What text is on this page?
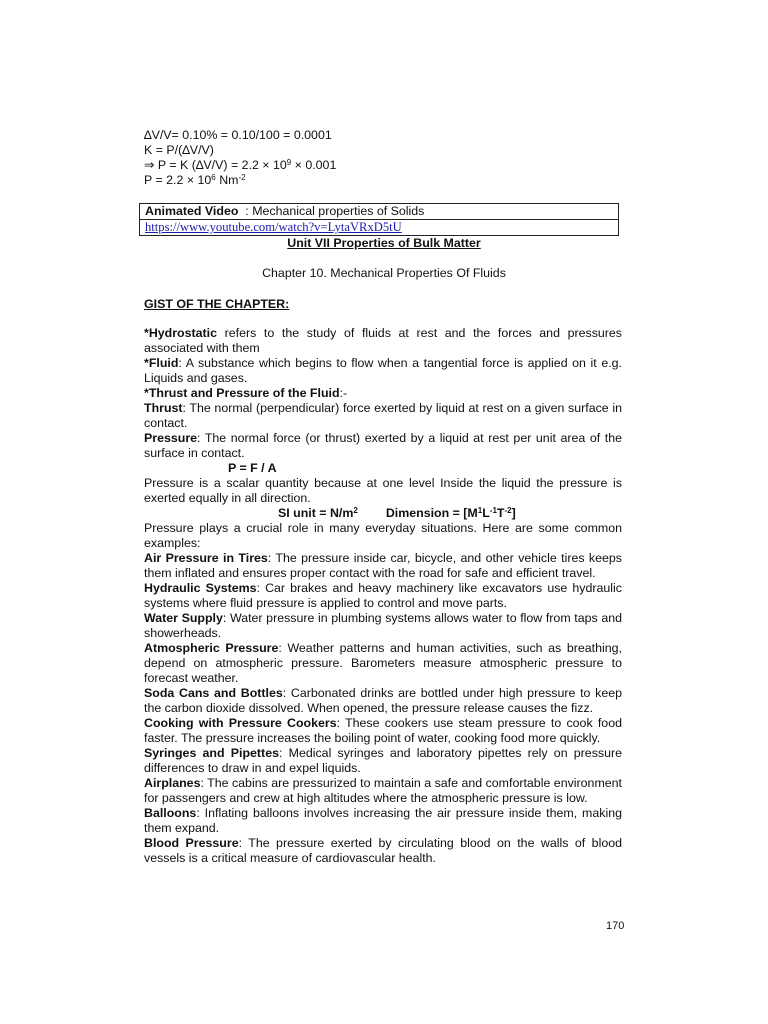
∆V/V= 0.10% = 0.10/100 = 0.0001
K = P/(∆V/V)
⇒ P = K $(\Delta V/V) = 2.2 \times 10^9 \times 0.001$
$P = 2.2 \times 10^6$ $Nm^{-2}$
Animated Video  : Mechanical properties of Solids
https://www.youtube.com/watch?v=LytaVRxD5tU
Unit VII Properties of Bulk Matter
Chapter 10. Mechanical Properties Of Fluids
GIST OF THE CHAPTER:

*Hydrostatic refers to the study of fluids at rest and the forces and pressures associated with them

*Fluid: A substance which begins to flow when a tangential force is applied on it e.g. Liquids and gases.

*Thrust and Pressure of the Fluid:-

Thrust: The normal (perpendicular) force exerted by liquid at rest on a given surface in contact.

Pressure: The normal force (or thrust) exerted by a liquid at rest per unit area of the surface in contact.

P = F / A

Pressure is a scalar quantity because at one level Inside the liquid the pressure is exerted equally in all direction.

SI unit = $N/m^2$ Dimension = $[M^1L^{-1}T^{-2}]$

Pressure plays a crucial role in many everyday situations. Here are some common examples:

Air Pressure in Tires: The pressure inside car, bicycle, and other vehicle tires keeps them inflated and ensures proper contact with the road for safe and efficient travel.

Hydraulic Systems: Car brakes and heavy machinery like excavators use hydraulic systems where fluid pressure is applied to control and move parts.

Water Supply: Water pressure in plumbing systems allows water to flow from taps and showerheads.

Atmospheric Pressure: Weather patterns and human activities, such as breathing, depend on atmospheric pressure. Barometers measure atmospheric pressure to forecast weather.

Soda Cans and Bottles: Carbonated drinks are bottled under high pressure to keep the carbon dioxide dissolved. When opened, the pressure release causes the fizz.

Cooking with Pressure Cookers: These cookers use steam pressure to cook food faster. The pressure increases the boiling point of water, cooking food more quickly.

Syringes and Pipettes: Medical syringes and laboratory pipettes rely on pressure differences to draw in and expel liquids.

Airplanes: The cabins are pressurized to maintain a safe and comfortable environment for passengers and crew at high altitudes where the atmospheric pressure is low.

Balloons: Inflating balloons involves increasing the air pressure inside them, making them expand.

Blood Pressure: The pressure exerted by circulating blood on the walls of blood vessels is a critical measure of cardiovascular health.

170
